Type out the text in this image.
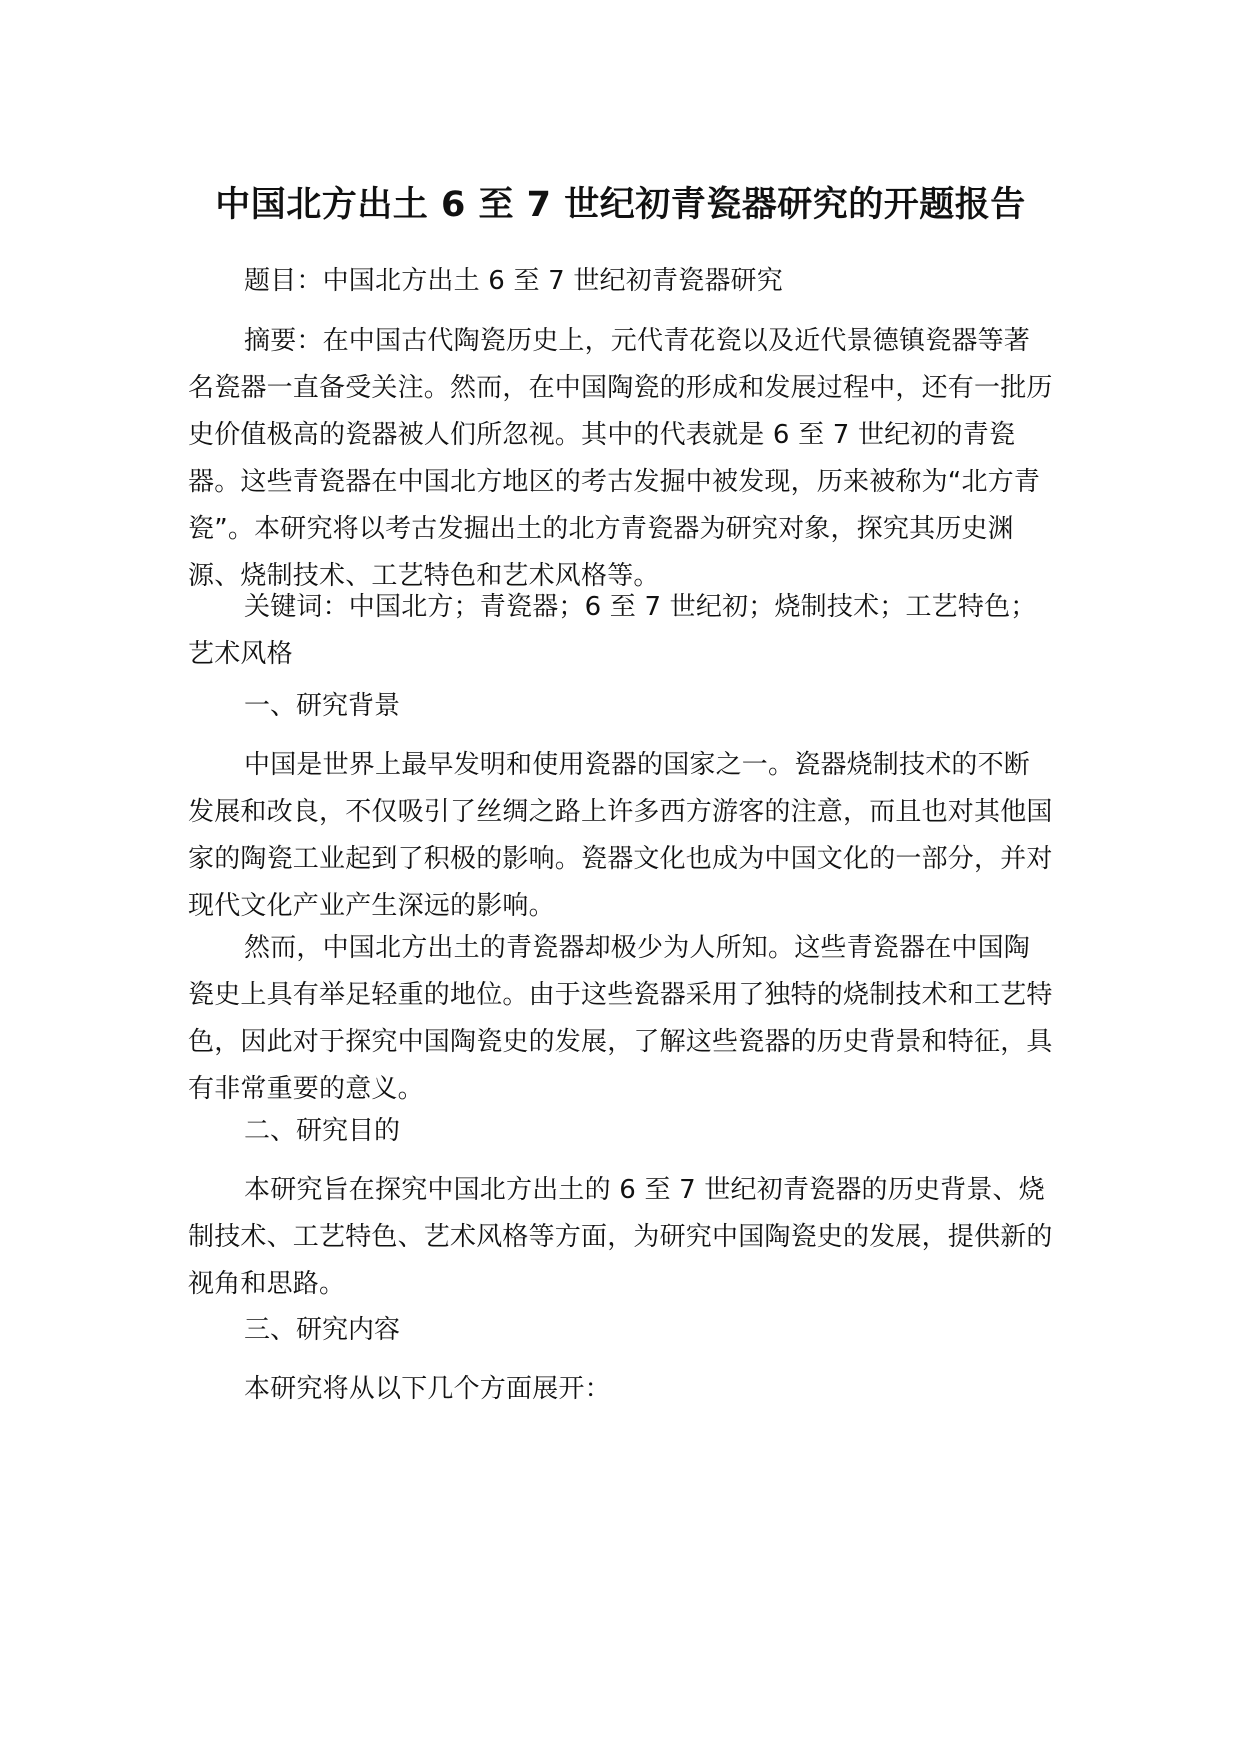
中国北方出土 6 至 7 世纪初青瓷器研究的开题报告

题目：中国北方出土 6 至 7 世纪初青瓷器研究

摘要：在中国古代陶瓷历史上，元代青花瓷以及近代景德镇瓷器等著名瓷器一直备受关注。然而，在中国陶瓷的形成和发展过程中，还有一批历史价值极高的瓷器被人们所忽视。其中的代表就是 6 至 7 世纪初的青瓷器。这些青瓷器在中国北方地区的考古发掘中被发现，历来被称为“北方青瓷”。本研究将以考古发掘出土的北方青瓷器为研究对象，探究其历史渊源、烧制技术、工艺特色和艺术风格等。

关键词：中国北方；青瓷器；6 至 7 世纪初；烧制技术；工艺特色；艺术风格

一、研究背景

中国是世界上最早发明和使用瓷器的国家之一。瓷器烧制技术的不断发展和改良，不仅吸引了丝绸之路上许多西方游客的注意，而且也对其他国家的陶瓷工业起到了积极的影响。瓷器文化也成为中国文化的一部分，并对现代文化产业产生深远的影响。

然而，中国北方出土的青瓷器却极少为人所知。这些青瓷器在中国陶瓷史上具有举足轻重的地位。由于这些瓷器采用了独特的烧制技术和工艺特色，因此对于探究中国陶瓷史的发展，了解这些瓷器的历史背景和特征，具有非常重要的意义。

二、研究目的

本研究旨在探究中国北方出土的 6 至 7 世纪初青瓷器的历史背景、烧制技术、工艺特色、艺术风格等方面，为研究中国陶瓷史的发展，提供新的视角和思路。

三、研究内容

本研究将从以下几个方面展开：
